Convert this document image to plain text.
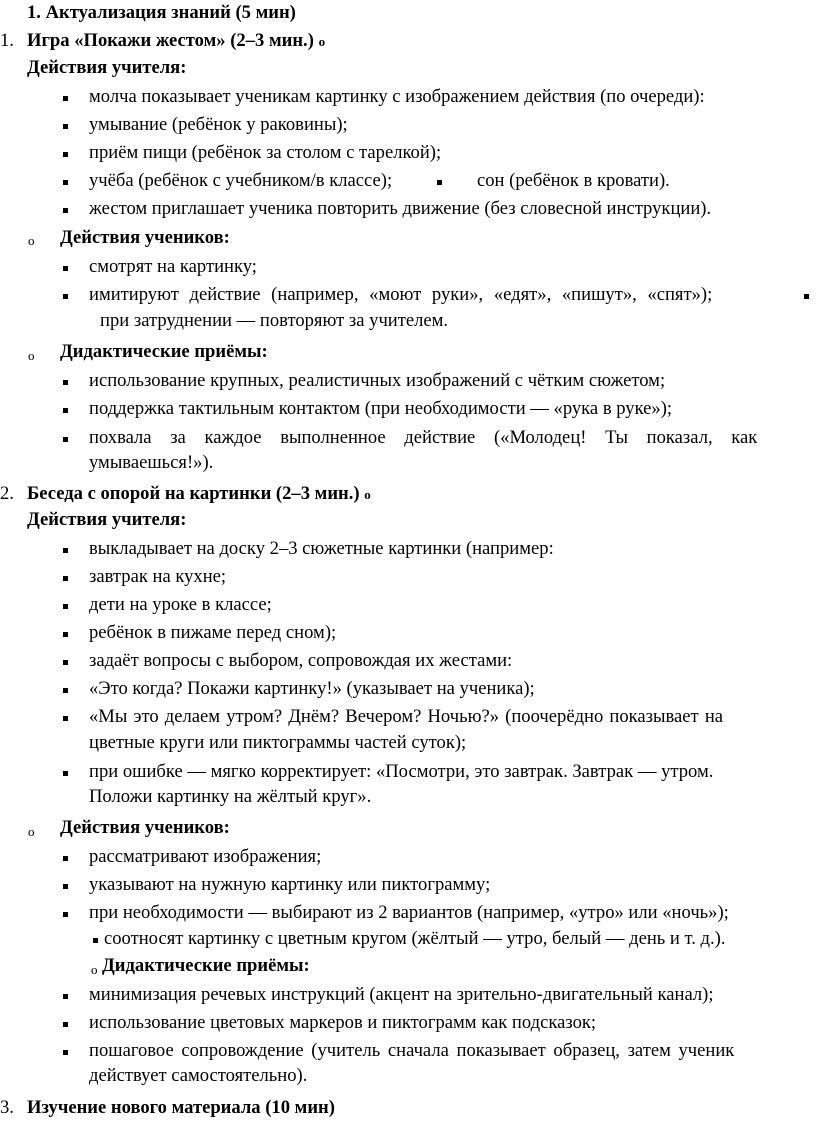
1. Актуализация знаний (5 мин)
1. Игра «Покажи жестом» (2–3 мин.) o
Действия учителя:
молча показывает ученикам картинку с изображением действия (по очереди):
умывание (ребёнок у раковины);
приём пищи (ребёнок за столом с тарелкой);
учёба (ребёнок с учебником/в классе);	сон (ребёнок в кровати).
жестом приглашает ученика повторить движение (без словесной инструкции).
o Действия учеников:
смотрят на картинку;
имитируют действие (например, «моют руки», «едят», «пишут», «спят»);
при затруднении — повторяют за учителем.
o Дидактические приёмы:
использование крупных, реалистичных изображений с чётким сюжетом;
поддержка тактильным контактом (при необходимости — «рука в руке»);
похвала за каждое выполненное действие («Молодец! Ты показал, как
умываешься!»).
2. Беседа с опорой на картинки (2–3 мин.) o
Действия учителя:
выкладывает на доску 2–3 сюжетные картинки (например:
завтрак на кухне;
дети на уроке в классе;
ребёнок в пижаме перед сном);
задаёт вопросы с выбором, сопровождая их жестами:
«Это когда? Покажи картинку!» (указывает на ученика);
«Мы это делаем утром? Днём? Вечером? Ночью?» (поочерёдно показывает на
цветные круги или пиктограммы частей суток);
при ошибке — мягко корректирует: «Посмотри, это завтрак. Завтрак — утром.
Положи картинку на жёлтый круг».
o Действия учеников:
рассматривают изображения;
указывают на нужную картинку или пиктограмму;
при необходимости — выбирают из 2 вариантов (например, «утро» или «ночь»);
соотносят картинку с цветным кругом (жёлтый — утро, белый — день и т. д.).
o Дидактические приёмы:
минимизация речевых инструкций (акцент на зрительно-двигательный канал);
использование цветовых маркеров и пиктограмм как подсказок;
пошаговое сопровождение (учитель сначала показывает образец, затем ученик
действует самостоятельно).
3. Изучение нового материала (10 мин)
